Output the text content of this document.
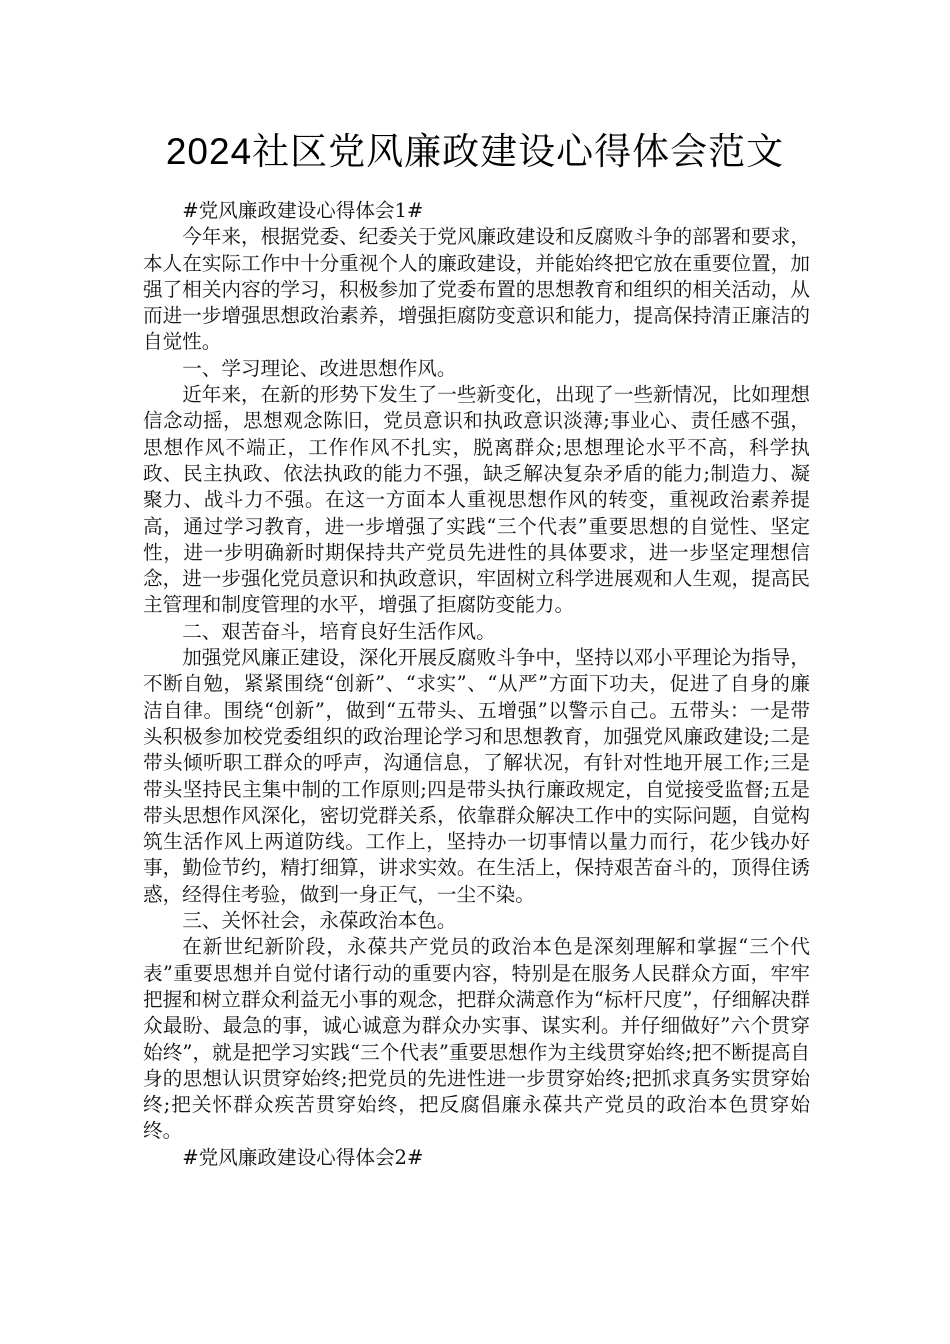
2024社区党风廉政建设心得体会范文

#党风廉政建设心得体会1#

今年来，根据党委、纪委关于党风廉政建设和反腐败斗争的部署和要求，本人在实际工作中十分重视个人的廉政建设，并能始终把它放在重要位置，加强了相关内容的学习，积极参加了党委布置的思想教育和组织的相关活动，从而进一步增强思想政治素养，增强拒腐防变意识和能力，提高保持清正廉洁的自觉性。

一、学习理论、改进思想作风。

近年来，在新的形势下发生了一些新变化，出现了一些新情况，比如理想信念动摇，思想观念陈旧，党员意识和执政意识淡薄;事业心、责任感不强，思想作风不端正，工作作风不扎实，脱离群众;思想理论水平不高，科学执政、民主执政、依法执政的能力不强，缺乏解决复杂矛盾的能力;制造力、凝聚力、战斗力不强。在这一方面本人重视思想作风的转变，重视政治素养提高，通过学习教育，进一步增强了实践“三个代表”重要思想的自觉性、坚定性，进一步明确新时期保持共产党员先进性的具体要求，进一步坚定理想信念，进一步强化党员意识和执政意识，牢固树立科学进展观和人生观，提高民主管理和制度管理的水平，增强了拒腐防变能力。

二、艰苦奋斗，培育良好生活作风。

加强党风廉正建设，深化开展反腐败斗争中，坚持以邓小平理论为指导，不断自勉，紧紧围绕“创新”、“求实”、“从严”方面下功夫，促进了自身的廉洁自律。围绕“创新”，做到“五带头、五增强”以警示自己。五带头：一是带头积极参加校党委组织的政治理论学习和思想教育，加强党风廉政建设;二是带头倾听职工群众的呼声，沟通信息，了解状况，有针对性地开展工作;三是带头坚持民主集中制的工作原则;四是带头执行廉政规定，自觉接受监督;五是带头思想作风深化，密切党群关系，依靠群众解决工作中的实际问题，自觉构筑生活作风上两道防线。工作上，坚持办一切事情以量力而行，花少钱办好事，勤俭节约，精打细算，讲求实效。在生活上，保持艰苦奋斗的，顶得住诱惑，经得住考验，做到一身正气，一尘不染。

三、关怀社会，永葆政治本色。

在新世纪新阶段，永葆共产党员的政治本色是深刻理解和掌握“三个代表”重要思想并自觉付诸行动的重要内容，特别是在服务人民群众方面，牢牢把握和树立群众利益无小事的观念，把群众满意作为“标杆尺度”，仔细解决群众最盼、最急的事，诚心诚意为群众办实事、谋实利。并仔细做好”六个贯穿始终”，就是把学习实践“三个代表”重要思想作为主线贯穿始终;把不断提高自身的思想认识贯穿始终;把党员的先进性进一步贯穿始终;把抓求真务实贯穿始终;把关怀群众疾苦贯穿始终，把反腐倡廉永葆共产党员的政治本色贯穿始终。

#党风廉政建设心得体会2#
